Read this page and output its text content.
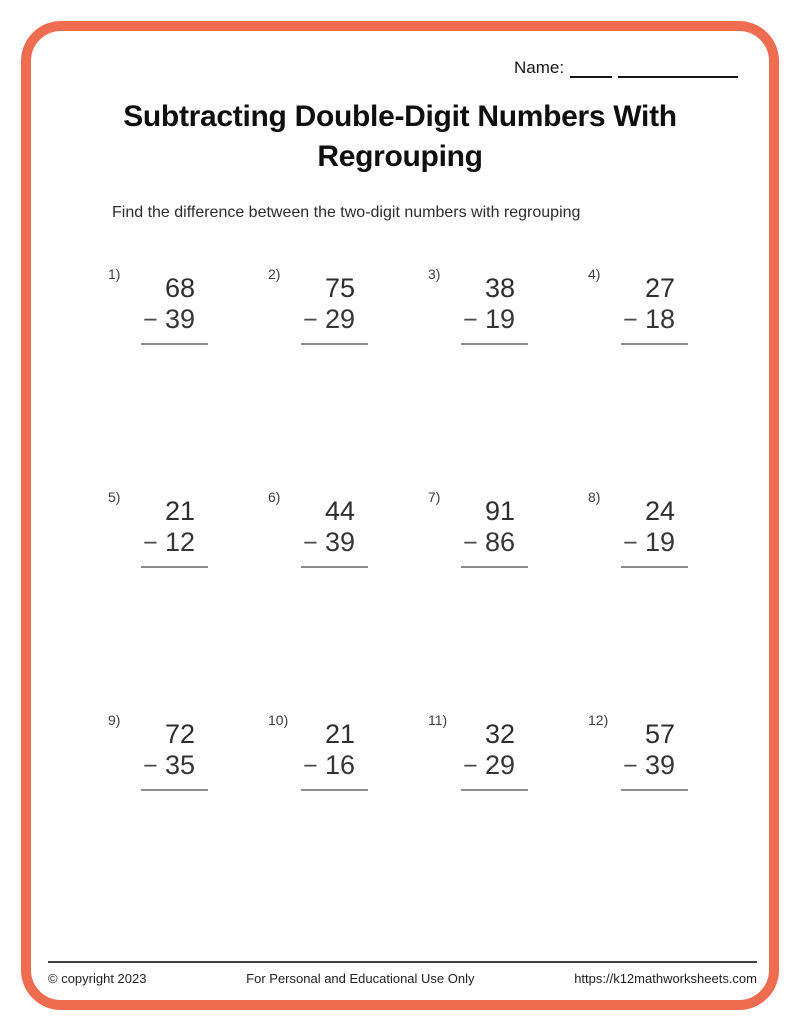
Name:
Subtracting Double-Digit Numbers With
Regrouping
Find the difference between the two-digit numbers with regrouping
1)	68
− 39
2)	75
− 29
3)	38
− 19
4)	27
− 18
5)	21
− 12
6)	44
− 39
7)	91
− 86
8)	24
− 19
9)	72
− 35
10)	21
− 16
11)	32
− 29
12)	57
− 39
© copyright 2023	For Personal and Educational Use Only	https://k12mathworksheets.com
